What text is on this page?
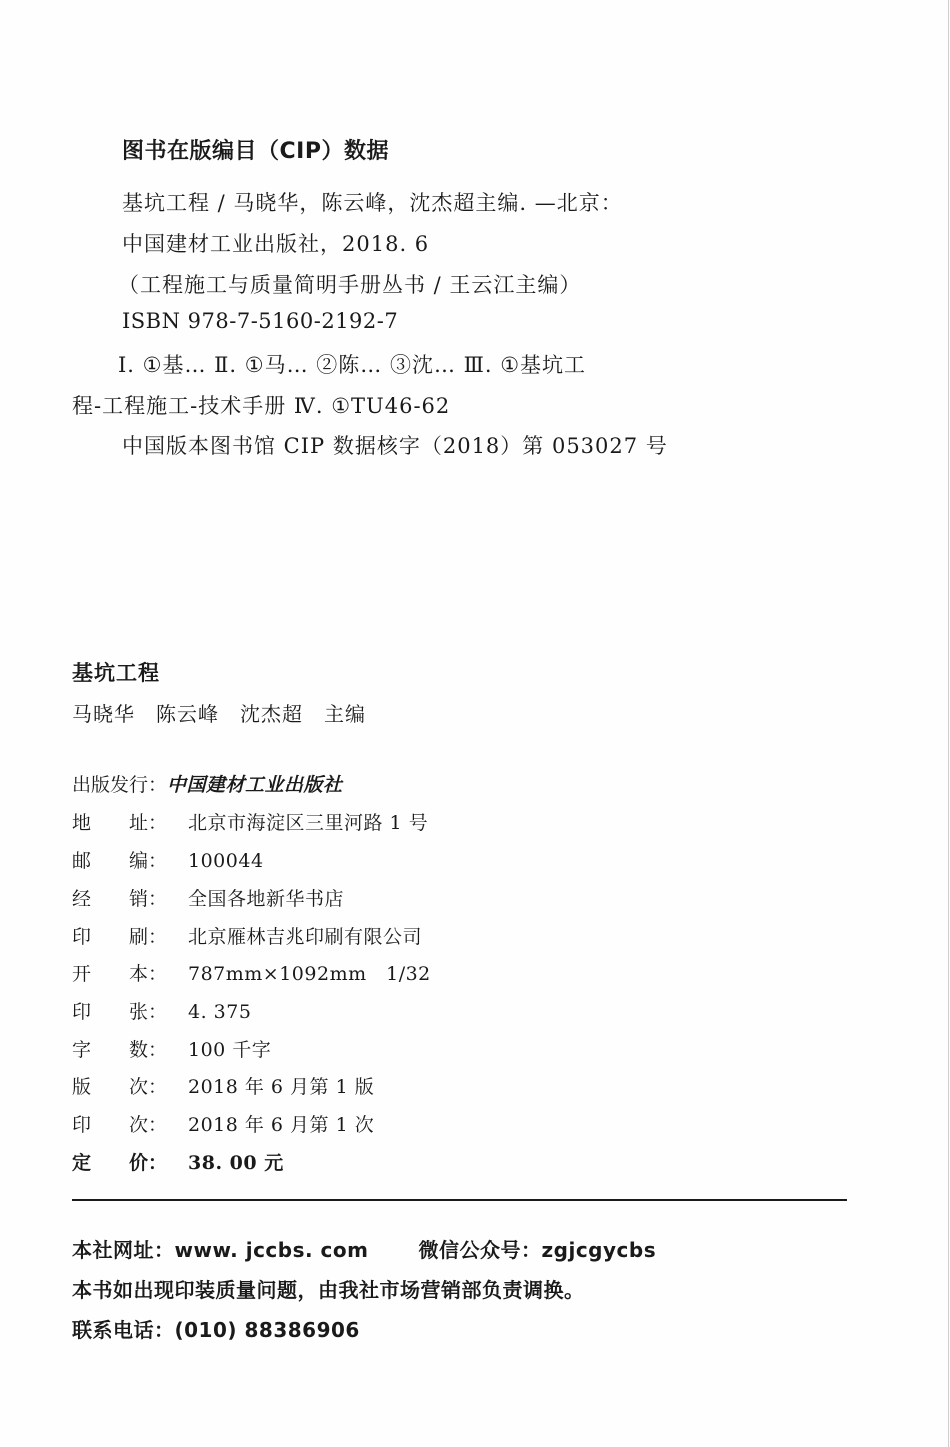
图书在版编目（CIP）数据
基坑工程 / 马晓华，陈云峰，沈杰超主编. —北京：
中国建材工业出版社，2018. 6
（工程施工与质量简明手册丛书 / 王云江主编）
ISBN 978-7-5160-2192-7
Ⅰ. ①基… Ⅱ. ①马… ②陈… ③沈… Ⅲ. ①基坑工
程-工程施工-技术手册 Ⅳ. ①TU46-62
中国版本图书馆 CIP 数据核字（2018）第 053027 号
基坑工程
马晓华　陈云峰　沈杰超　主编
出版发行：中国建材工业出版社
地　　址： 北京市海淀区三里河路 1 号
邮　　编： 100044
经　　销： 全国各地新华书店
印　　刷： 北京雁林吉兆印刷有限公司
开　　本： 787mm×1092mm　1/32
印　　张： 4. 375
字　　数： 100 千字
版　　次： 2018 年 6 月第 1 版
印　　次： 2018 年 6 月第 1 次
定　　价： 38. 00 元
本社网址：www. jccbs. com	微信公众号：zgjcgycbs
本书如出现印装质量问题，由我社市场营销部负责调换。
联系电话：(010) 88386906
